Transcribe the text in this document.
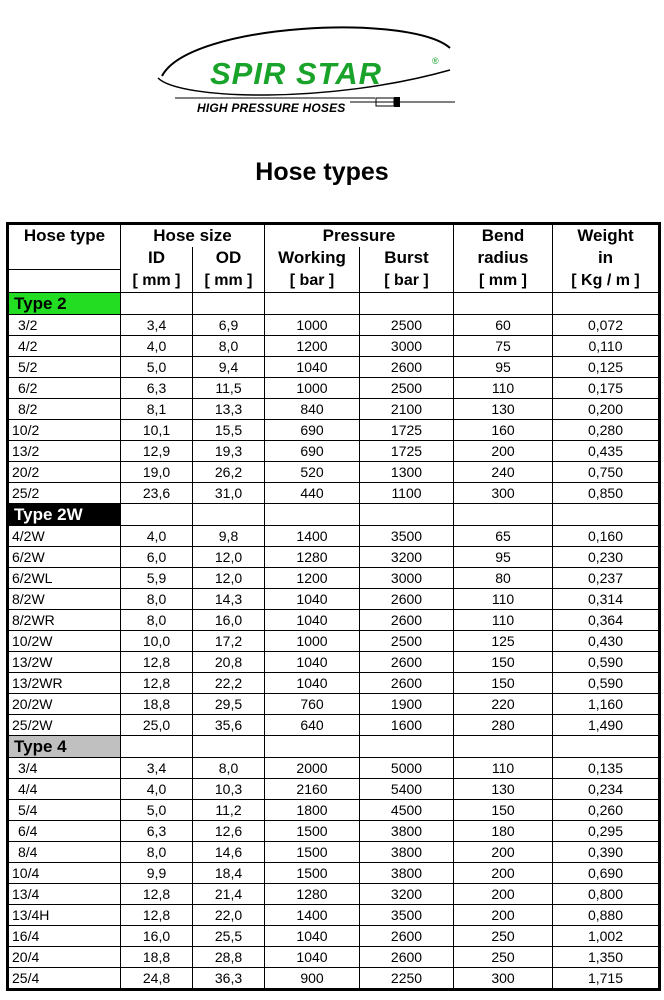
SPIR STAR	®
HIGH PRESSURE HOSES
Hose types
Hose type	Hose size		Pressure		Bend	Weight
	ID	OD	Working	Burst	radius	in
	[ mm ]	[ mm ]	[ bar ]	[ bar ]	[ mm ]	[ Kg / m ]
Type 2						
3/2	3,4	6,9	1000	2500	60	0,072
4/2	4,0	8,0	1200	3000	75	0,110
5/2	5,0	9,4	1040	2600	95	0,125
6/2	6,3	11,5	1000	2500	110	0,175
8/2	8,1	13,3	840	2100	130	0,200
10/2	10,1	15,5	690	1725	160	0,280
13/2	12,9	19,3	690	1725	200	0,435
20/2	19,0	26,2	520	1300	240	0,750
25/2	23,6	31,0	440	1100	300	0,850
Type 2W						
4/2W	4,0	9,8	1400	3500	65	0,160
6/2W	6,0	12,0	1280	3200	95	0,230
6/2WL	5,9	12,0	1200	3000	80	0,237
8/2W	8,0	14,3	1040	2600	110	0,314
8/2WR	8,0	16,0	1040	2600	110	0,364
10/2W	10,0	17,2	1000	2500	125	0,430
13/2W	12,8	20,8	1040	2600	150	0,590
13/2WR	12,8	22,2	1040	2600	150	0,590
20/2W	18,8	29,5	760	1900	220	1,160
25/2W	25,0	35,6	640	1600	280	1,490
Type 4						
3/4	3,4	8,0	2000	5000	110	0,135
4/4	4,0	10,3	2160	5400	130	0,234
5/4	5,0	11,2	1800	4500	150	0,260
6/4	6,3	12,6	1500	3800	180	0,295
8/4	8,0	14,6	1500	3800	200	0,390
10/4	9,9	18,4	1500	3800	200	0,690
13/4	12,8	21,4	1280	3200	200	0,800
13/4H	12,8	22,0	1400	3500	200	0,880
16/4	16,0	25,5	1040	2600	250	1,002
20/4	18,8	28,8	1040	2600	250	1,350
25/4	24,8	36,3	900	2250	300	1,715
